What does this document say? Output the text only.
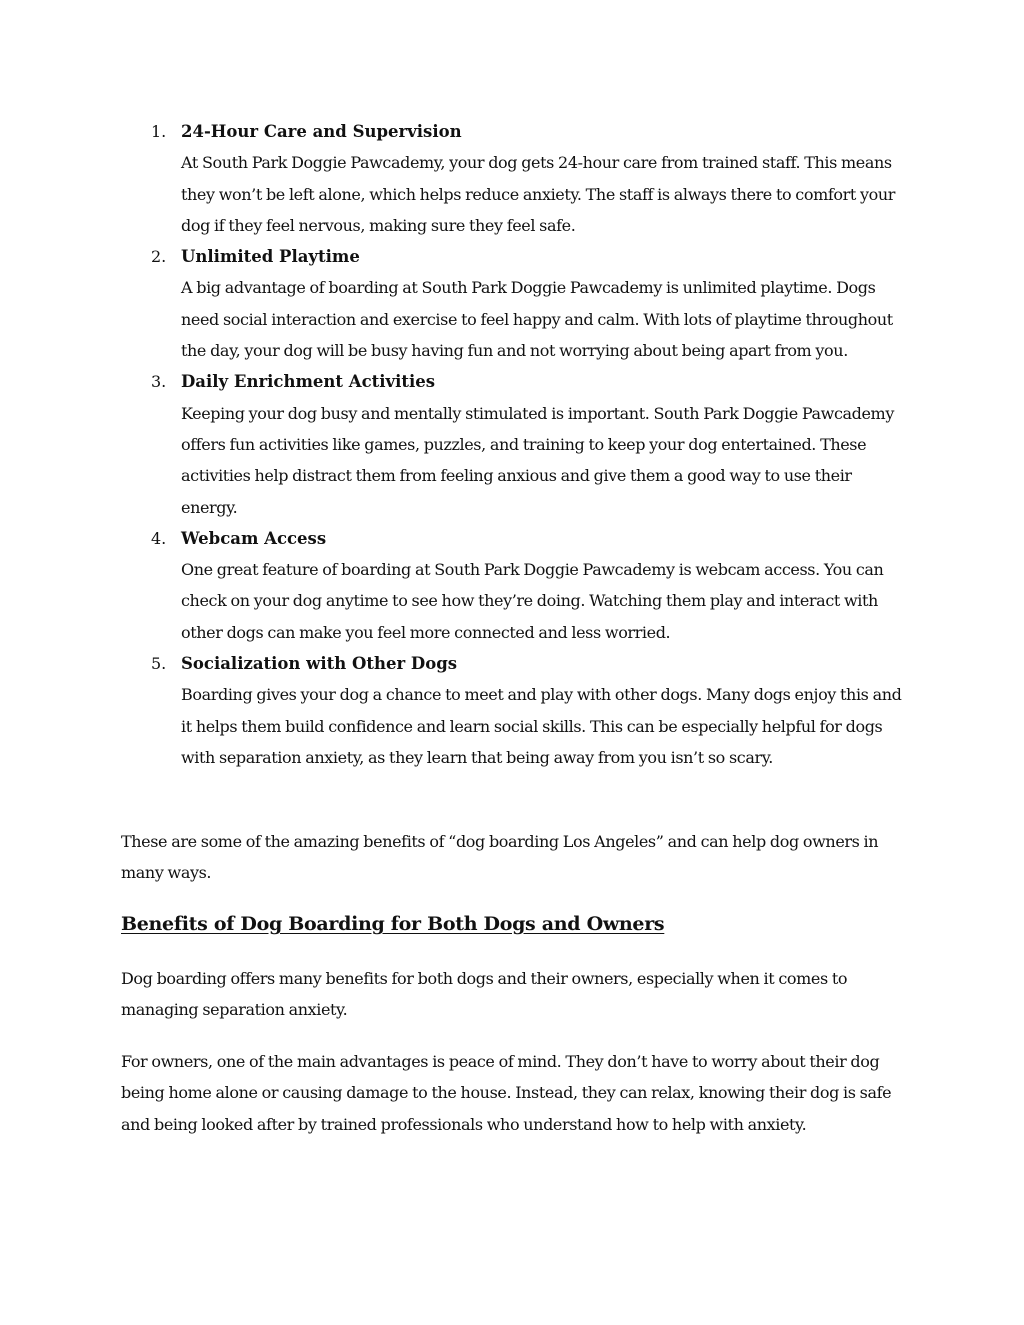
1. 24-Hour Care and Supervision
At South Park Doggie Pawcademy, your dog gets 24-hour care from trained staff. This means they won’t be left alone, which helps reduce anxiety. The staff is always there to comfort your dog if they feel nervous, making sure they feel safe.
2. Unlimited Playtime
A big advantage of boarding at South Park Doggie Pawcademy is unlimited playtime. Dogs need social interaction and exercise to feel happy and calm. With lots of playtime throughout the day, your dog will be busy having fun and not worrying about being apart from you.
3. Daily Enrichment Activities
Keeping your dog busy and mentally stimulated is important. South Park Doggie Pawcademy offers fun activities like games, puzzles, and training to keep your dog entertained. These activities help distract them from feeling anxious and give them a good way to use their energy.
4. Webcam Access
One great feature of boarding at South Park Doggie Pawcademy is webcam access. You can check on your dog anytime to see how they’re doing. Watching them play and interact with other dogs can make you feel more connected and less worried.
5. Socialization with Other Dogs
Boarding gives your dog a chance to meet and play with other dogs. Many dogs enjoy this and it helps them build confidence and learn social skills. This can be especially helpful for dogs with separation anxiety, as they learn that being away from you isn’t so scary.

These are some of the amazing benefits of “dog boarding Los Angeles” and can help dog owners in many ways.

Benefits of Dog Boarding for Both Dogs and Owners

Dog boarding offers many benefits for both dogs and their owners, especially when it comes to managing separation anxiety.

For owners, one of the main advantages is peace of mind. They don’t have to worry about their dog being home alone or causing damage to the house. Instead, they can relax, knowing their dog is safe and being looked after by trained professionals who understand how to help with anxiety.
